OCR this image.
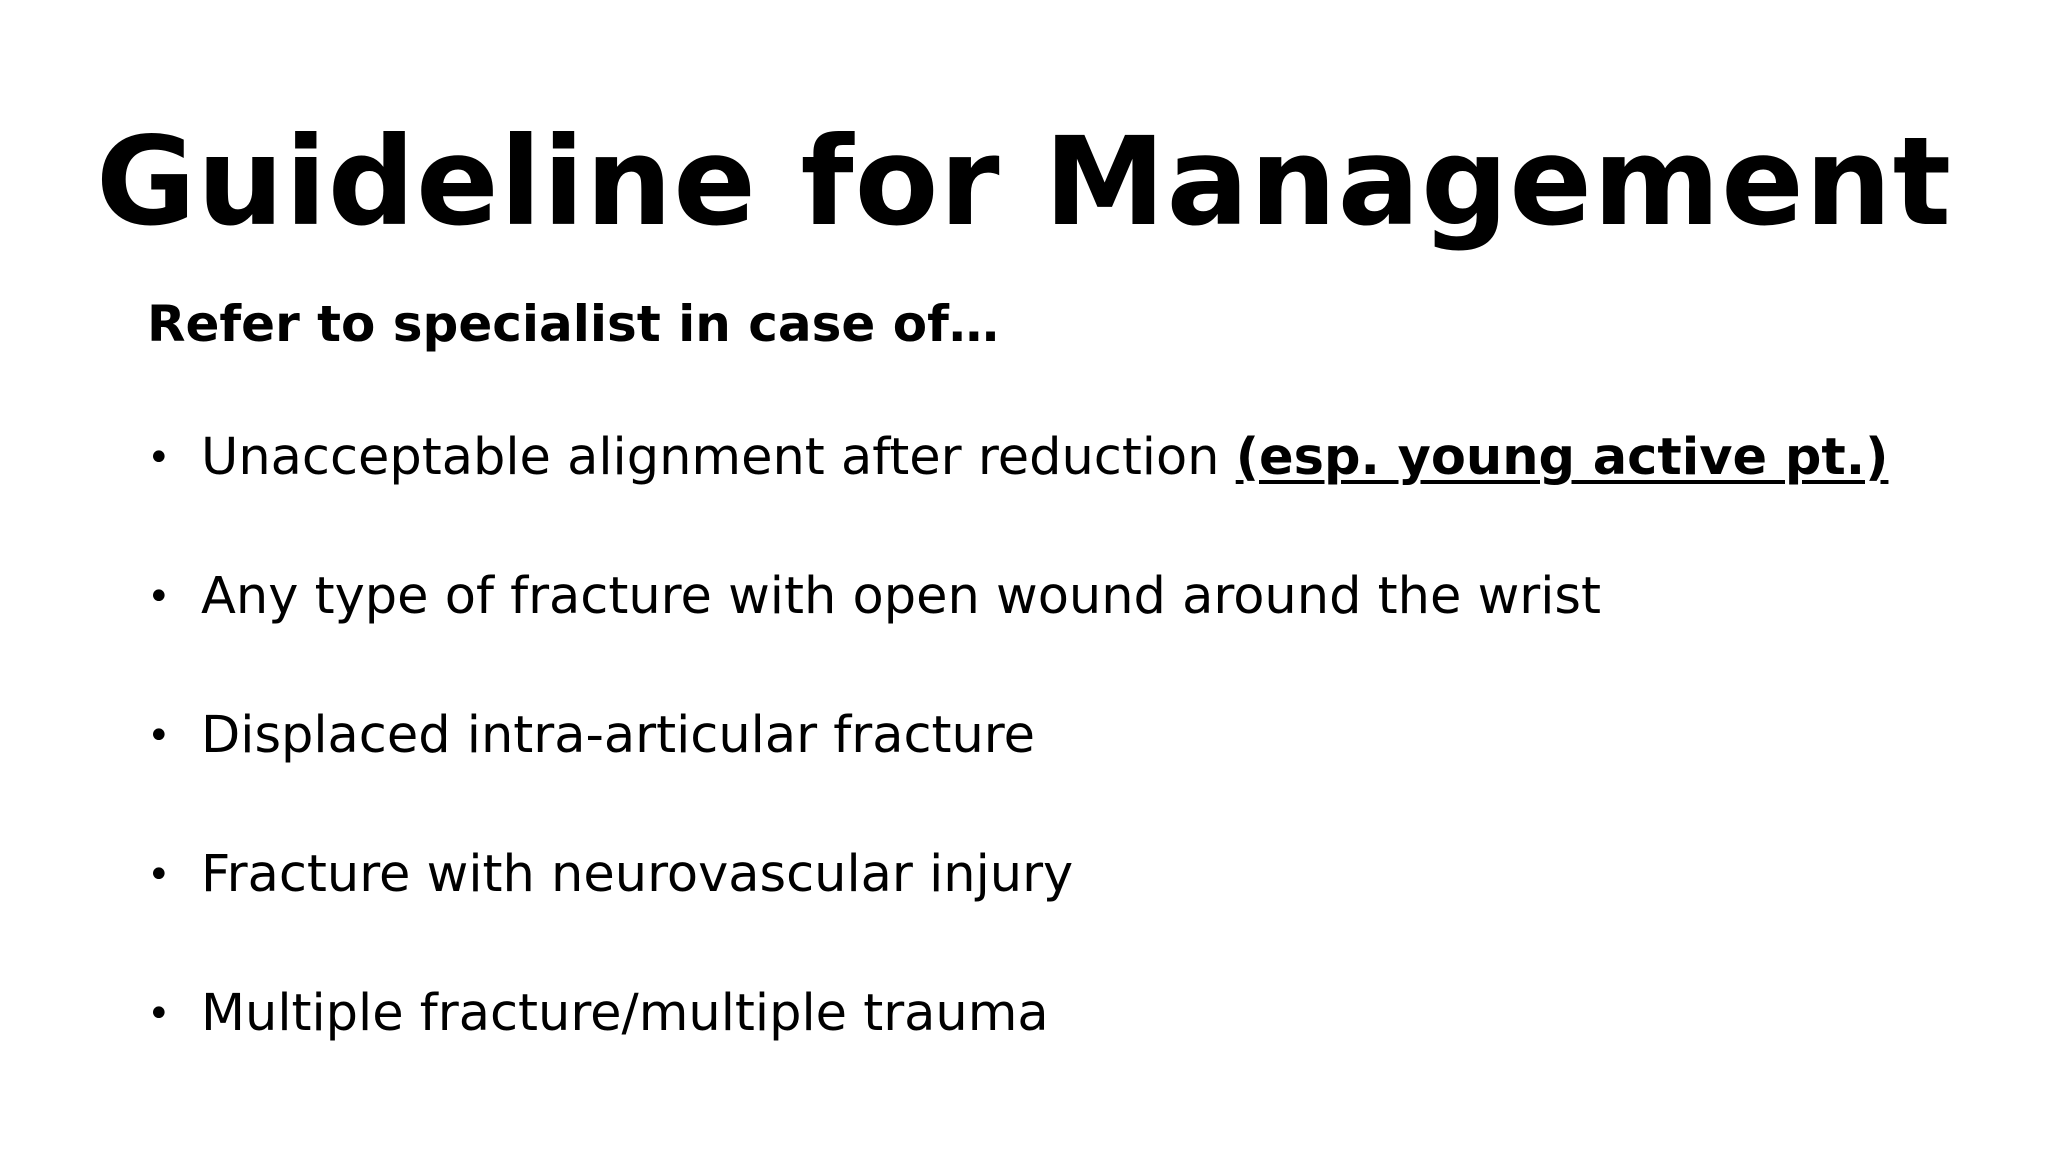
Guideline for Management
Refer to specialist in case of…
• Unacceptable alignment after reduction (esp. young active pt.)
• Any type of fracture with open wound around the wrist
• Displaced intra-articular fracture
• Fracture with neurovascular injury
• Multiple fracture/multiple trauma
